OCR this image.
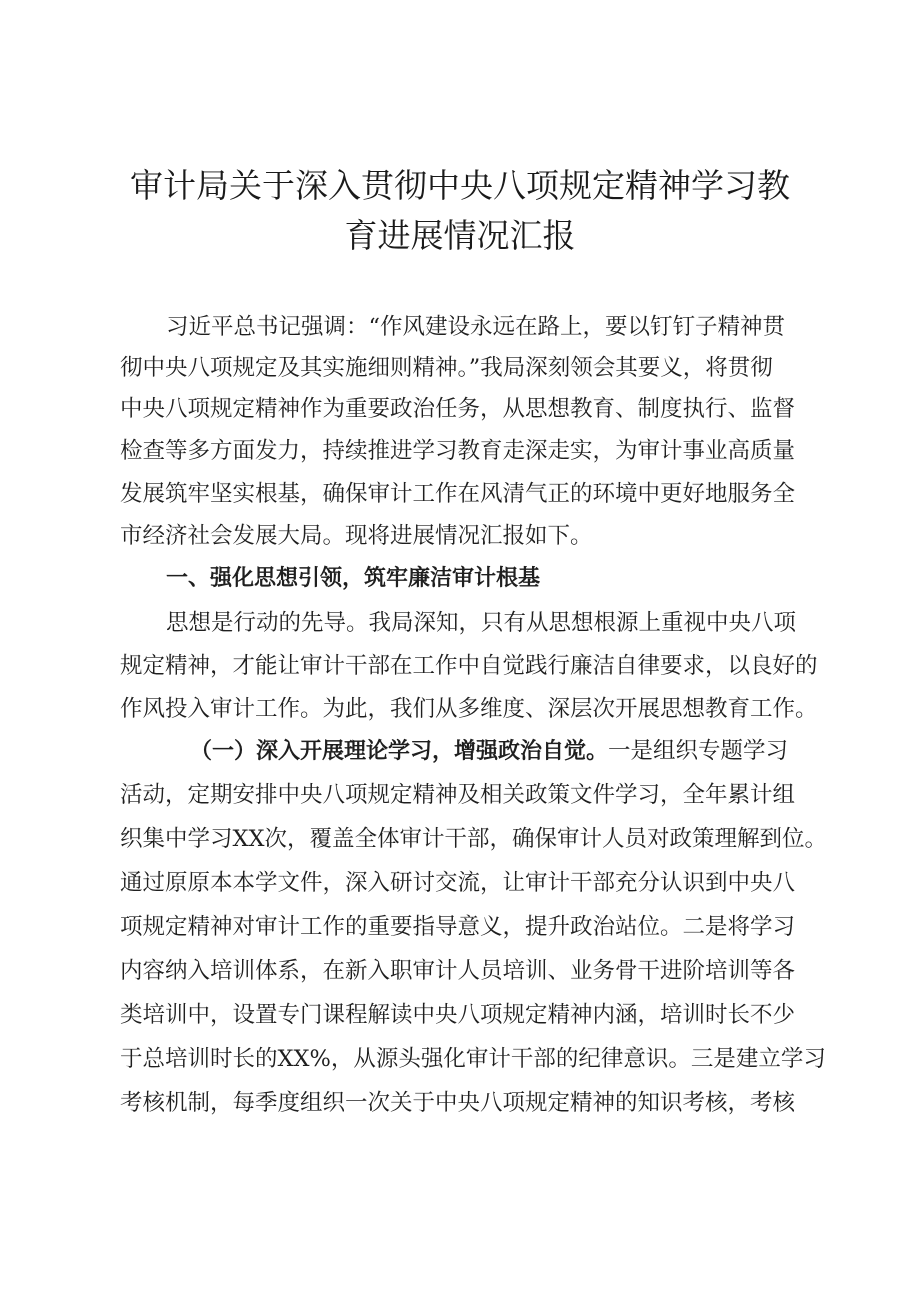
审计局关于深入贯彻中央八项规定精神学习教
育进展情况汇报
习近平总书记强调：“作风建设永远在路上，要以钉钉子精神贯
彻中央八项规定及其实施细则精神。”我局深刻领会其要义，将贯彻
中央八项规定精神作为重要政治任务，从思想教育、制度执行、监督
检查等多方面发力，持续推进学习教育走深走实，为审计事业高质量
发展筑牢坚实根基，确保审计工作在风清气正的环境中更好地服务全
市经济社会发展大局。现将进展情况汇报如下。
一、强化思想引领，筑牢廉洁审计根基
思想是行动的先导。我局深知，只有从思想根源上重视中央八项
规定精神，才能让审计干部在工作中自觉践行廉洁自律要求，以良好的
作风投入审计工作。为此，我们从多维度、深层次开展思想教育工作。
（一）深入开展理论学习，增强政治自觉。一是组织专题学习
活动，定期安排中央八项规定精神及相关政策文件学习，全年累计组
织集中学习XX次，覆盖全体审计干部，确保审计人员对政策理解到位。
通过原原本本学文件，深入研讨交流，让审计干部充分认识到中央八
项规定精神对审计工作的重要指导意义，提升政治站位。二是将学习
内容纳入培训体系，在新入职审计人员培训、业务骨干进阶培训等各
类培训中，设置专门课程解读中央八项规定精神内涵，培训时长不少
于总培训时长的XX%，从源头强化审计干部的纪律意识。三是建立学习
考核机制，每季度组织一次关于中央八项规定精神的知识考核，考核
